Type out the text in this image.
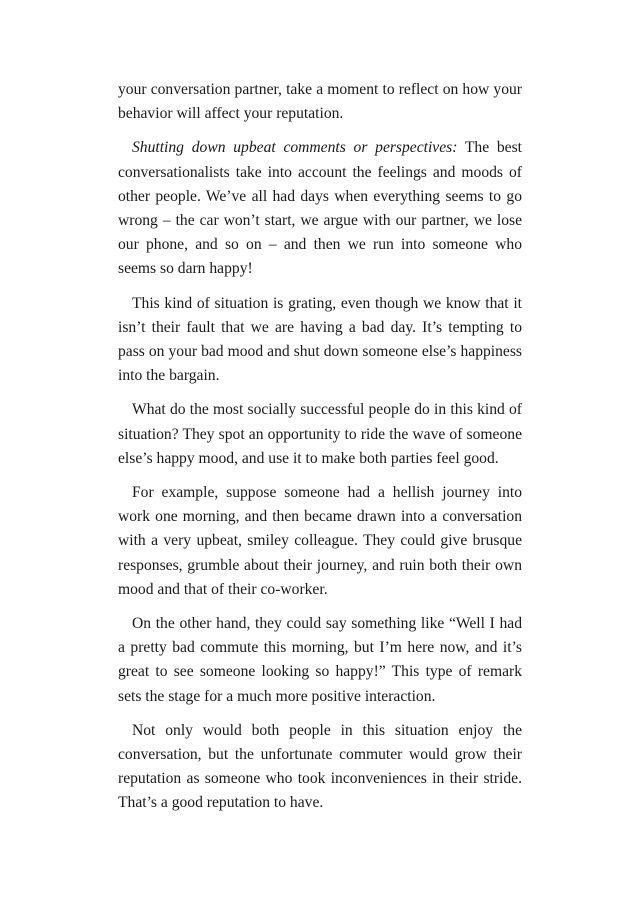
your conversation partner, take a moment to reflect on how your behavior will affect your reputation.

Shutting down upbeat comments or perspectives: The best conversationalists take into account the feelings and moods of other people. We’ve all had days when everything seems to go wrong – the car won’t start, we argue with our partner, we lose our phone, and so on – and then we run into someone who seems so darn happy!

This kind of situation is grating, even though we know that it isn’t their fault that we are having a bad day. It’s tempting to pass on your bad mood and shut down someone else’s happiness into the bargain.

What do the most socially successful people do in this kind of situation? They spot an opportunity to ride the wave of someone else’s happy mood, and use it to make both parties feel good.

For example, suppose someone had a hellish journey into work one morning, and then became drawn into a conversation with a very upbeat, smiley colleague. They could give brusque responses, grumble about their journey, and ruin both their own mood and that of their co-worker.

On the other hand, they could say something like “Well I had a pretty bad commute this morning, but I’m here now, and it’s great to see someone looking so happy!” This type of remark sets the stage for a much more positive interaction.

Not only would both people in this situation enjoy the conversation, but the unfortunate commuter would grow their reputation as someone who took inconveniences in their stride. That’s a good reputation to have.
